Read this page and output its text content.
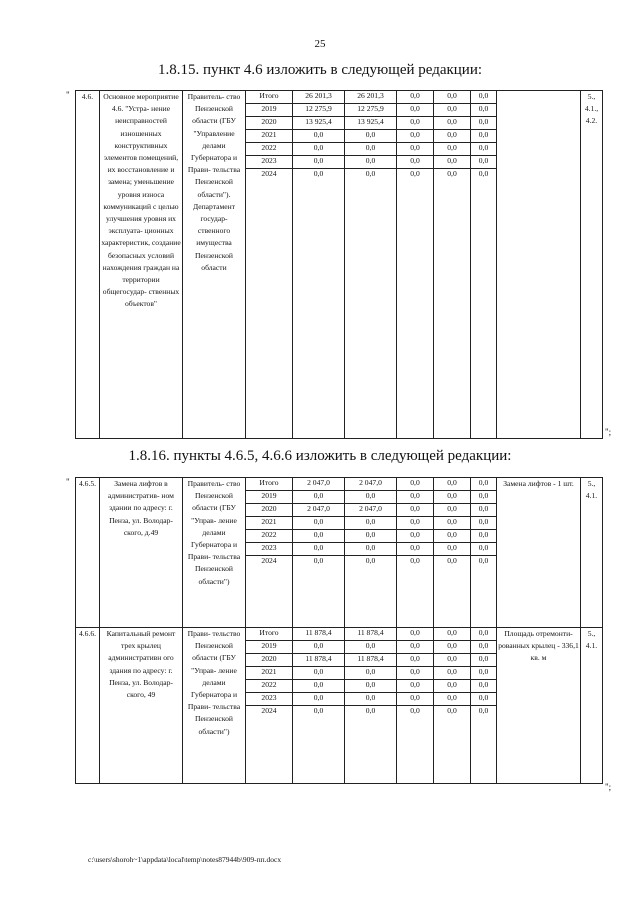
25
1.8.15. пункт 4.6 изложить в следующей редакции:
" 4.6.	Основное мероприятие 4.6. "Устра- нение неисправностей изношенных конструктивных элементов помещений, их восстановление и замена; уменьшение уровня износа коммуникаций с целью улучшения уровня их эксплуата- ционных характеристик, создание безопасных условий нахождения граждан на территории общегосудар- ственных объектов"	Правитель- ство Пензенской области (ГБУ "Управление делами Губернатора и Прави- тельства Пензенской области"). Департамент государ- ственного имущества Пензенской области	Итого	26 201,3	26 201,3	0,0	0,0	0,0		5., 4.1., 4.2.
			2019	12 275,9	12 275,9	0,0	0,0	0,0		
			2020	13 925,4	13 925,4	0,0	0,0	0,0		
			2021	0,0	0,0	0,0	0,0	0,0		
			2022	0,0	0,0	0,0	0,0	0,0		
			2023	0,0	0,0	0,0	0,0	0,0		
			2024	0,0	0,0	0,0	0,0	0,0		
";
1.8.16. пункты 4.6.5, 4.6.6 изложить в следующей редакции:
" 4.6.5.	Замена лифтов в административ- ном здании по адресу: г. Пенза, ул. Володар- ского, д.49	Правитель- ство Пензенской области (ГБУ "Управ- ление делами Губернатора и Прави- тельства Пензенской области")	Итого	2 047,0	2 047,0	0,0	0,0	0,0	Замена лифтов - 1 шт.	5., 4.1.
			2019	0,0	0,0	0,0	0,0	0,0		
			2020	2 047,0	2 047,0	0,0	0,0	0,0		
			2021	0,0	0,0	0,0	0,0	0,0		
			2022	0,0	0,0	0,0	0,0	0,0		
			2023	0,0	0,0	0,0	0,0	0,0		
			2024	0,0	0,0	0,0	0,0	0,0		
4.6.6.	Капитальный ремонт трех крылец административн ого здания по адресу: г. Пенза, ул. Володар- ского, 49	Прави- тельство Пензенской области (ГБУ "Управ- ление делами Губернатора и Прави- тельства Пензенской области")	Итого	11 878,4	11 878,4	0,0	0,0	0,0	Площадь отремонти- рованных крылец - 336,1 кв. м	5., 4.1.
			2019	0,0	0,0	0,0	0,0	0,0		
			2020	11 878,4	11 878,4	0,0	0,0	0,0		
			2021	0,0	0,0	0,0	0,0	0,0		
			2022	0,0	0,0	0,0	0,0	0,0		
			2023	0,0	0,0	0,0	0,0	0,0		
			2024	0,0	0,0	0,0	0,0	0,0		
";
c:\users\shoroh~1\appdata\local\temp\notes87944b\909-пп.docx
